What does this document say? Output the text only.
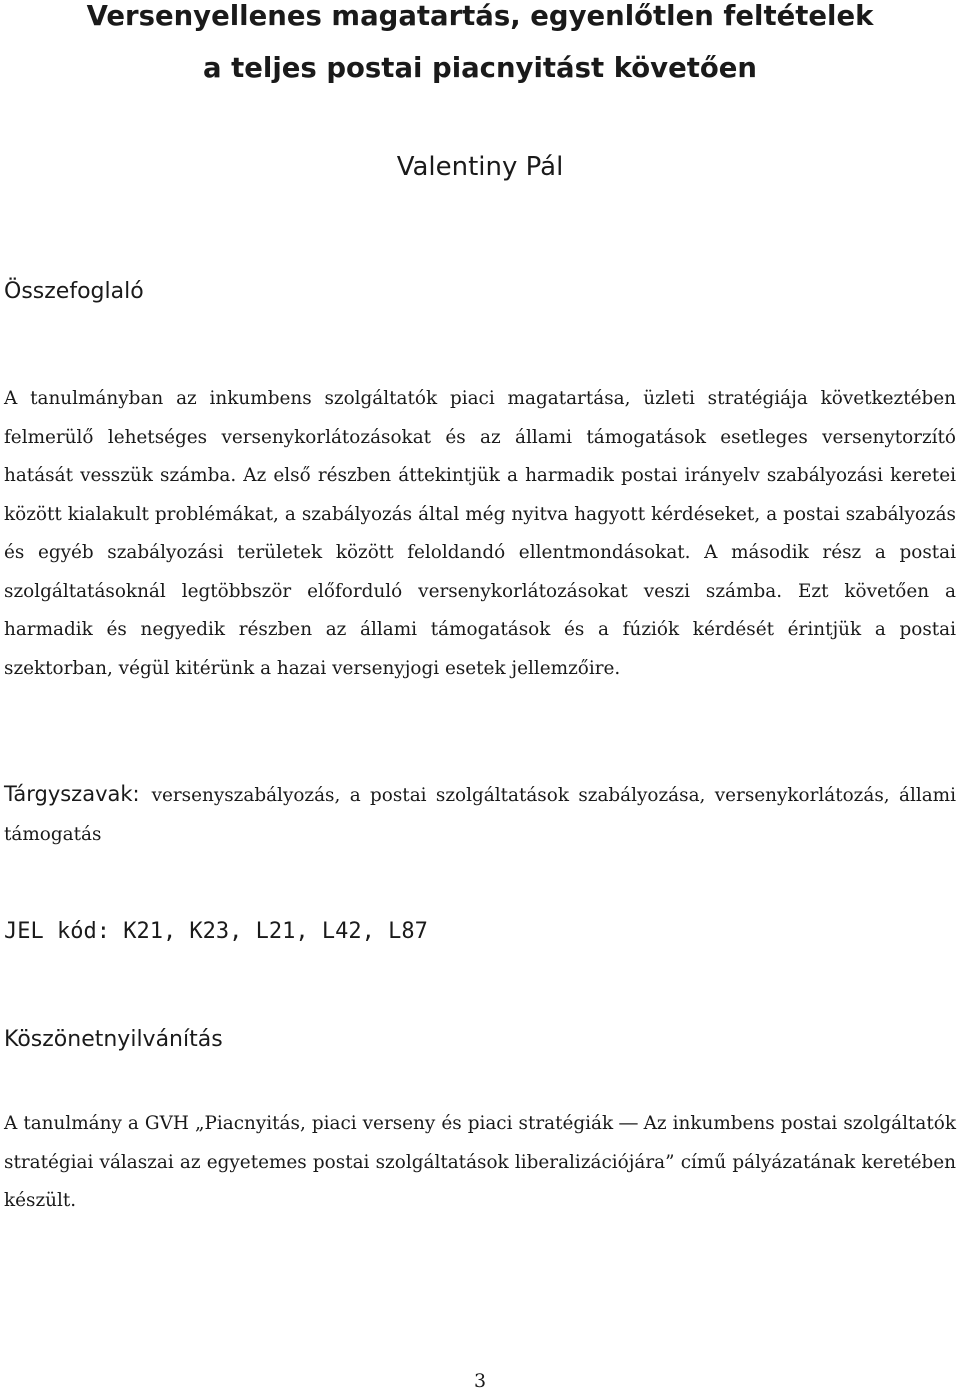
Versenyellenes magatartás, egyenlőtlen feltételek
a teljes postai piacnyitást követően

Valentiny Pál

Összefoglaló

A tanulmányban az inkumbens szolgáltatók piaci magatartása, üzleti stratégiája következtében felmerülő lehetséges versenykorlátozásokat és az állami támogatások esetleges versenytorzító hatását vesszük számba. Az első részben áttekintjük a harmadik postai irányelv szabályozási keretei között kialakult problémákat, a szabályozás által még nyitva hagyott kérdéseket, a postai szabályozás és egyéb szabályozási területek között feloldandó ellentmondásokat. A második rész a postai szolgáltatásoknál legtöbbször előforduló versenykorlátozásokat veszi számba. Ezt követően a harmadik és negyedik részben az állami támogatások és a fúziók kérdését érintjük a postai szektorban, végül kitérünk a hazai versenyjogi esetek jellemzőire.

Tárgyszavak: versenyszabályozás, a postai szolgáltatások szabályozása, versenykorlátozás, állami támogatás

JEL kód: K21, K23, L21, L42, L87

Köszönetnyilvánítás

A tanulmány a GVH „Piacnyitás, piaci verseny és piaci stratégiák ― Az inkumbens postai szolgáltatók stratégiai válaszai az egyetemes postai szolgáltatások liberalizációjára” című pályázatának keretében készült.

3
